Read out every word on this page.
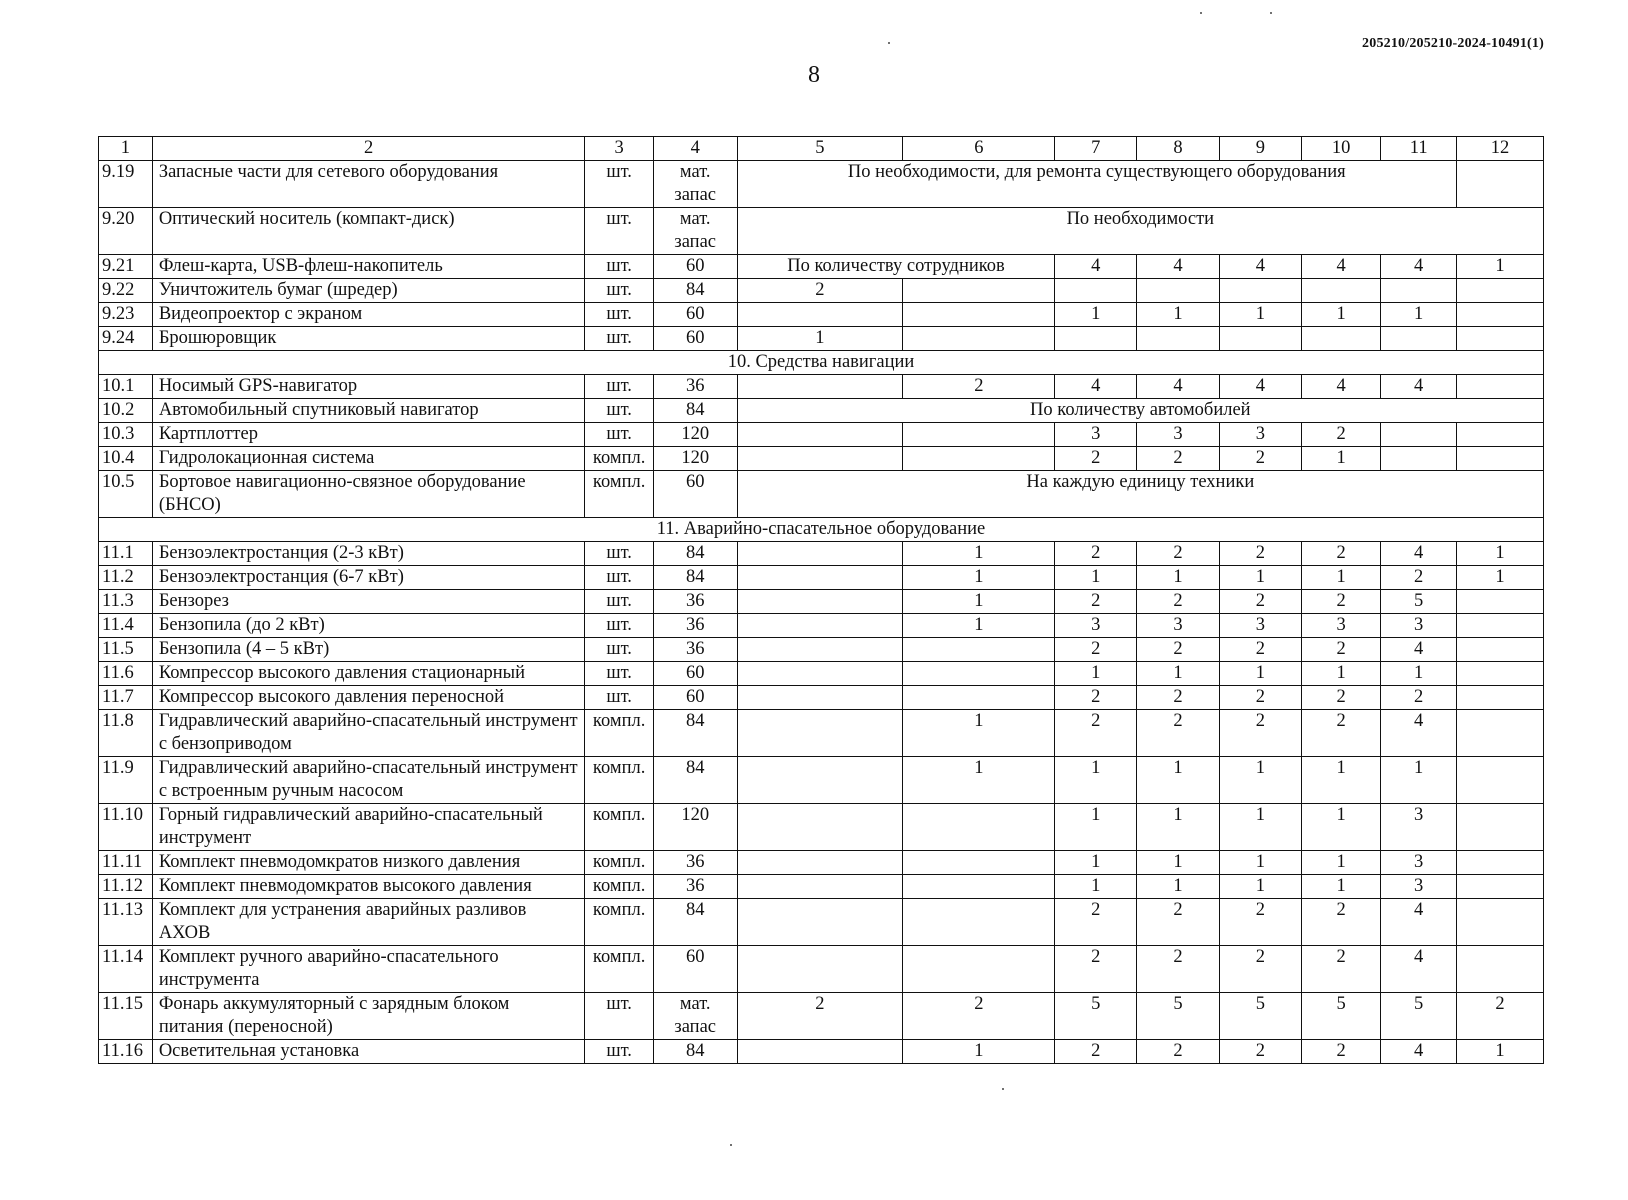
205210/205210-2024-10491(1)
8
1	2	3	4	5	6	7	8	9	10	11	12
9.19	Запасные части для сетевого оборудования	шт.	мат. запас	По необходимости, для ремонта существующего оборудования							
9.20	Оптический носитель (компакт-диск)	шт.	мат. запас	По необходимости							
9.21	Флеш-карта, USB-флеш-накопитель	шт.	60	По количеству сотрудников		4	4	4	4	4	1
9.22	Уничтожитель бумаг (шредер)	шт.	84	2							
9.23	Видеопроектор с экраном	шт.	60			1	1	1	1	1	
9.24	Брошюровщик	шт.	60	1							
10. Средства навигации											
10.1	Носимый GPS-навигатор	шт.	36		2	4	4	4	4	4	
10.2	Автомобильный спутниковый навигатор	шт.	84	По количеству автомобилей							
10.3	Картплоттер	шт.	120			3	3	3	2		
10.4	Гидролокационная система	компл.	120			2	2	2	1		
10.5	Бортовое навигационно-связное оборудование (БНСО)	компл.	60	На каждую единицу техники							
11. Аварийно-спасательное оборудование											
11.1	Бензоэлектростанция (2-3 кВт)	шт.	84		1	2	2	2	2	4	1
11.2	Бензоэлектростанция (6-7 кВт)	шт.	84		1	1	1	1	1	2	1
11.3	Бензорез	шт.	36		1	2	2	2	2	5	
11.4	Бензопила (до 2 кВт)	шт.	36		1	3	3	3	3	3	
11.5	Бензопила (4 – 5 кВт)	шт.	36			2	2	2	2	4	
11.6	Компрессор высокого давления стационарный	шт.	60			1	1	1	1	1	
11.7	Компрессор высокого давления переносной	шт.	60			2	2	2	2	2	
11.8	Гидравлический аварийно-спасательный инструмент с бензоприводом	компл.	84		1	2	2	2	2	4	
11.9	Гидравлический аварийно-спасательный инструмент с встроенным ручным насосом	компл.	84		1	1	1	1	1	1	
11.10	Горный гидравлический аварийно-спасательный инструмент	компл.	120			1	1	1	1	3	
11.11	Комплект пневмодомкратов низкого давления	компл.	36			1	1	1	1	3	
11.12	Комплект пневмодомкратов высокого давления	компл.	36			1	1	1	1	3	
11.13	Комплект для устранения аварийных разливов АХОВ	компл.	84			2	2	2	2	4	
11.14	Комплект ручного аварийно-спасательного инструмента	компл.	60			2	2	2	2	4	
11.15	Фонарь аккумуляторный с зарядным блоком питания (переносной)	шт.	мат. запас	2	2	5	5	5	5	5	2
11.16	Осветительная установка	шт.	84		1	2	2	2	2	4	1
